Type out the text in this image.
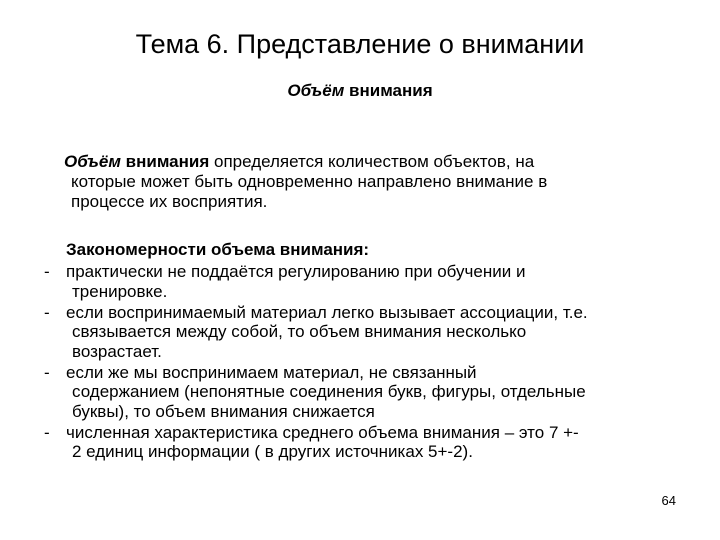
Тема 6. Представление о внимании
Объём внимания
Объём внимания определяется количеством объектов, на
которые может быть одновременно направлено внимание в
процессе их восприятия.
Закономерности объема внимания:
- практически не поддаётся регулированию при обучении и
тренировке.
- если воспринимаемый материал легко вызывает ассоциации, т.е.
связывается между собой, то объем внимания несколько
возрастает.
- если же мы воспринимаем материал, не связанный
содержанием (непонятные соединения букв, фигуры, отдельные
буквы), то объем внимания снижается
- численная характеристика среднего объема внимания – это 7 +-
2 единиц информации ( в других источниках 5+-2).
64
